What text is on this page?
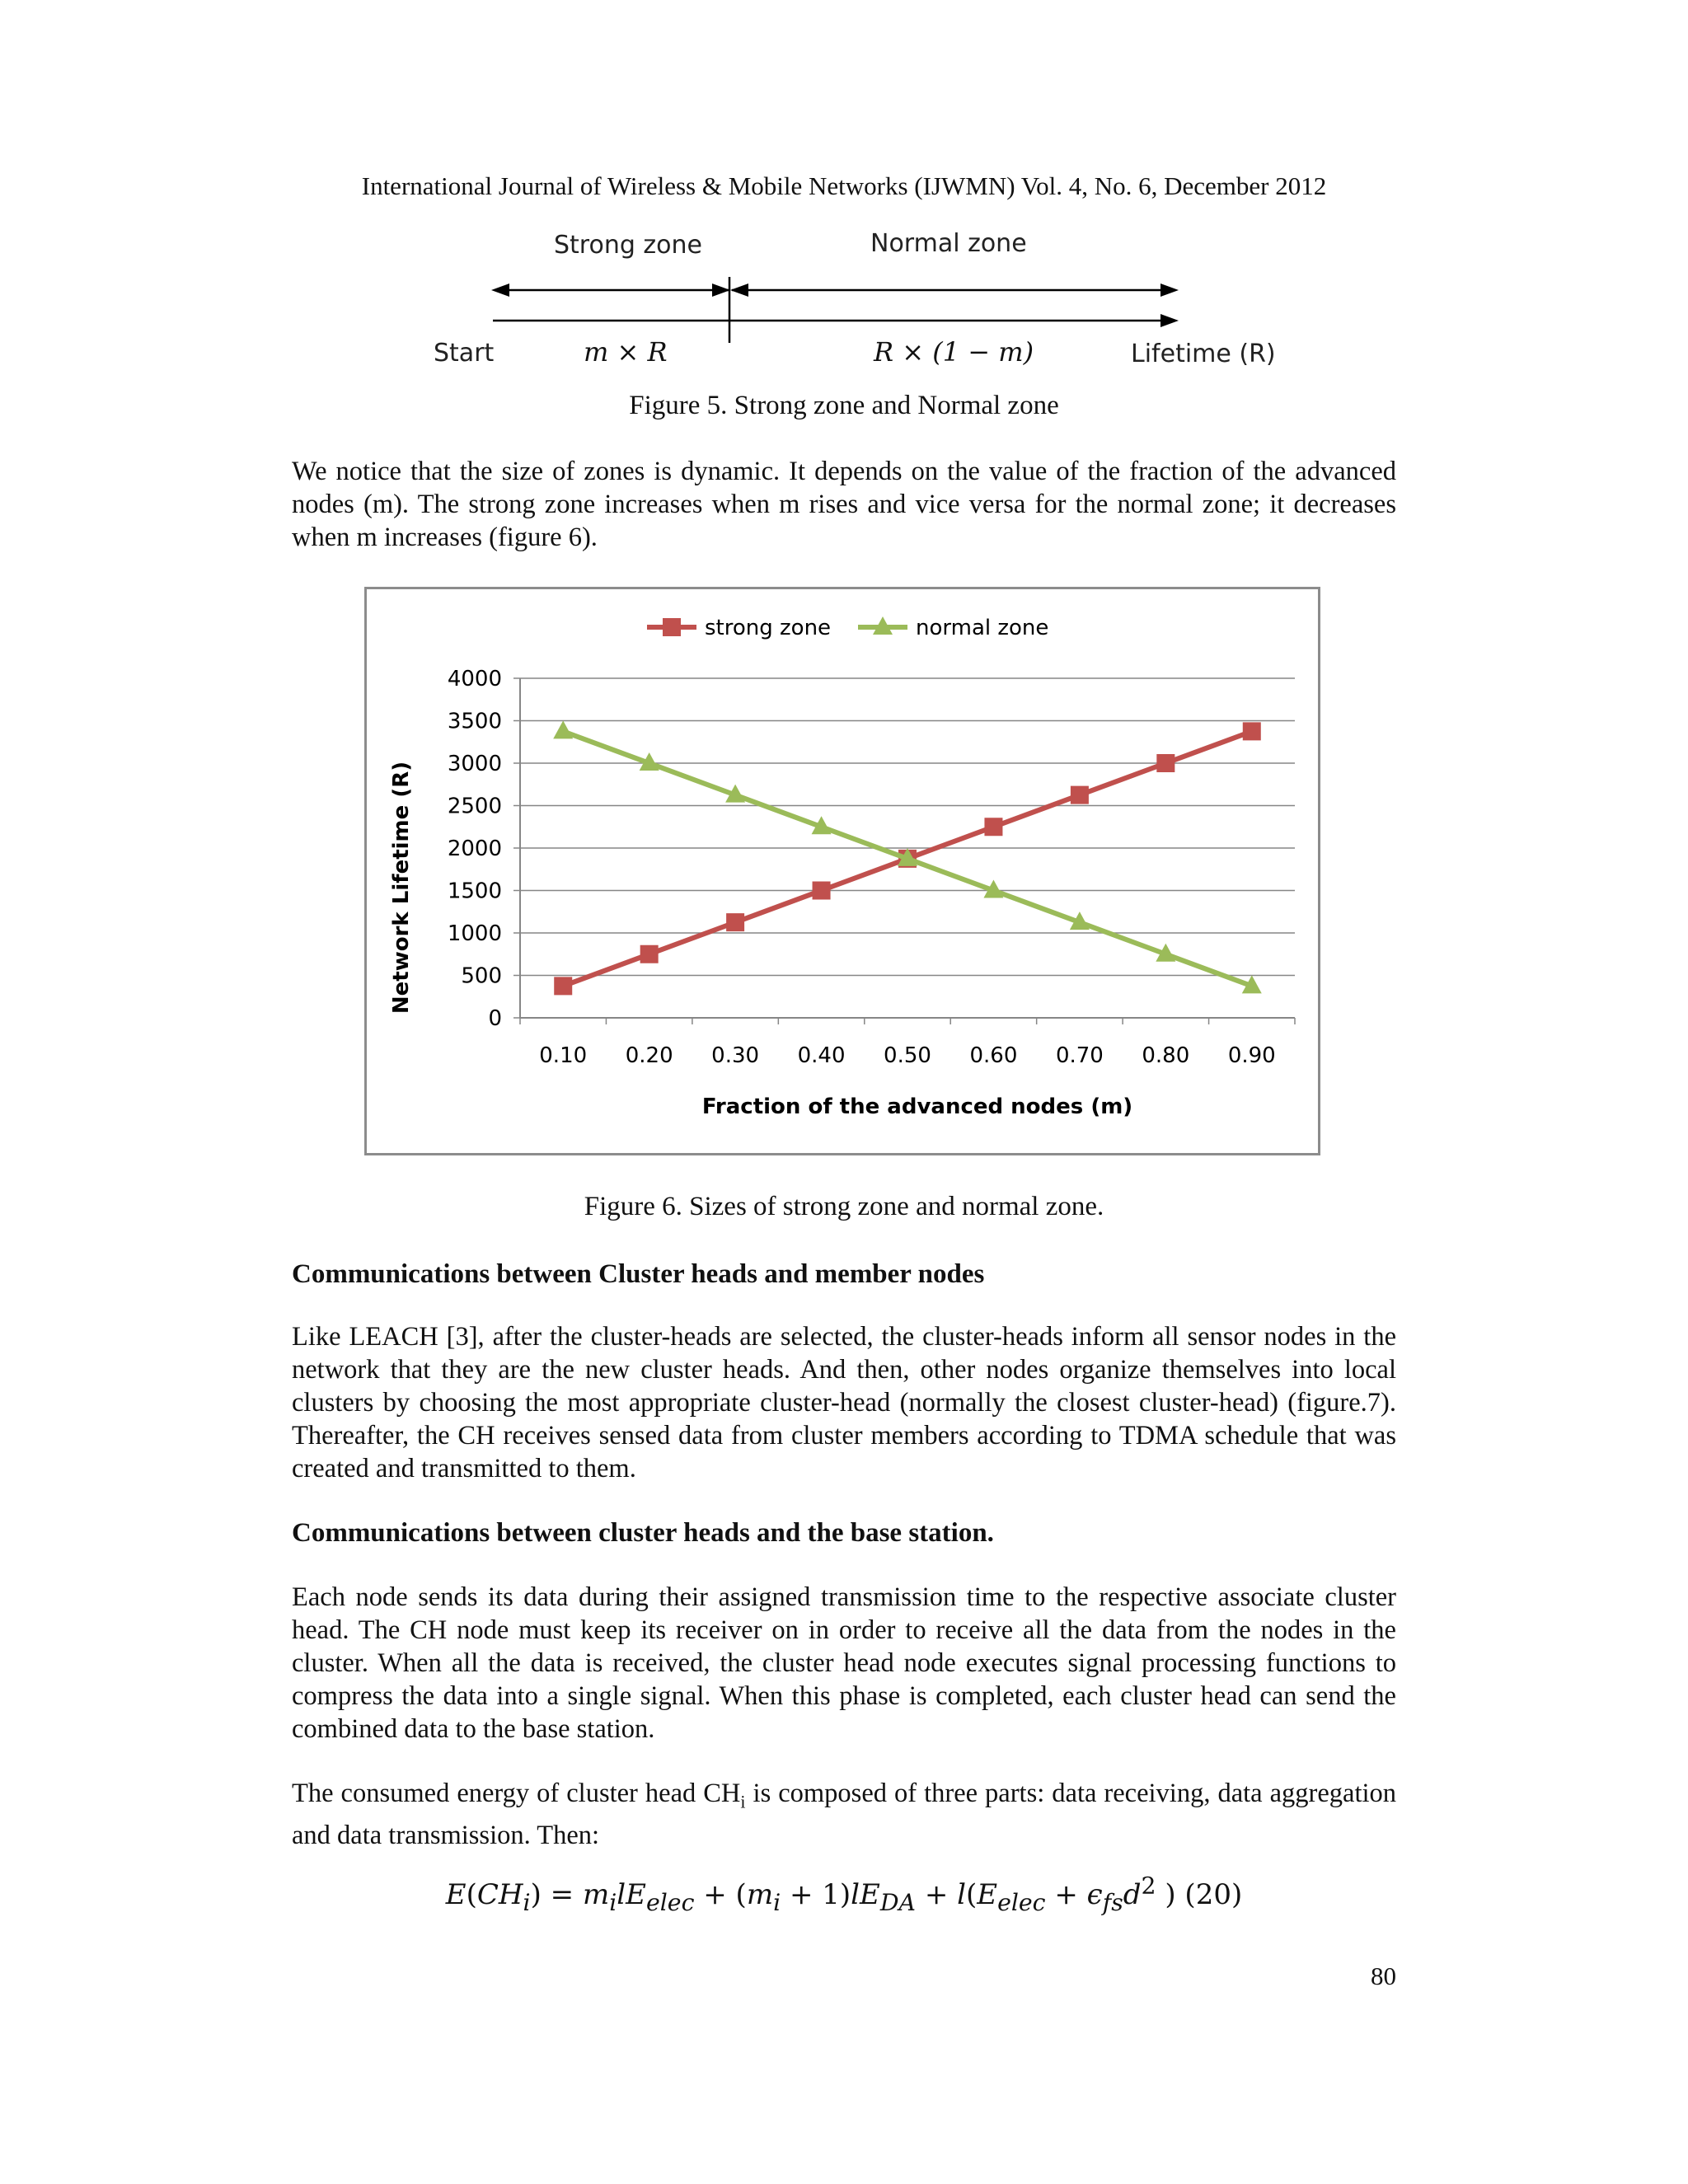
International Journal of Wireless & Mobile Networks (IJWMN) Vol. 4, No. 6, December 2012
Strong zone	Normal zone
Start	m × R	R × (1 − m)	Lifetime (R)
Figure 5. Strong zone and Normal zone
We notice that the size of zones is dynamic. It depends on the value of the fraction of the advanced nodes (m). The strong zone increases when m rises and vice versa for the normal zone; it decreases when m increases (figure 6).
0
500
1000
1500
2000
2500
3000
3500
4000
0.10 0.20 0.30 0.40 0.50 0.60 0.70 0.80 0.90
Fraction of the advanced nodes (m)
Network Lifetime (R)
strong zone	normal zone
Figure 6. Sizes of strong zone and normal zone.
Communications between Cluster heads and member nodes
Like LEACH [3], after the cluster-heads are selected, the cluster-heads inform all sensor nodes in the network that they are the new cluster heads. And then, other nodes organize themselves into local clusters by choosing the most appropriate cluster-head (normally the closest cluster-head) (figure.7). Thereafter, the CH receives sensed data from cluster members according to TDMA schedule that was created and transmitted to them.
Communications between cluster heads and the base station.
Each node sends its data during their assigned transmission time to the respective associate cluster head. The CH node must keep its receiver on in order to receive all the data from the nodes in the cluster. When all the data is received, the cluster head node executes signal processing functions to compress the data into a single signal. When this phase is completed, each cluster head can send the combined data to the base station.
The consumed energy of cluster head $CH_i$ is composed of three parts: data receiving, data aggregation and data transmission. Then:
$E(CH_i) = m_ilE_{elec} + (m_i + 1)lE_{DA} + l(E_{elec} + \epsilon_{fs}d^2$ ) (20)
80
